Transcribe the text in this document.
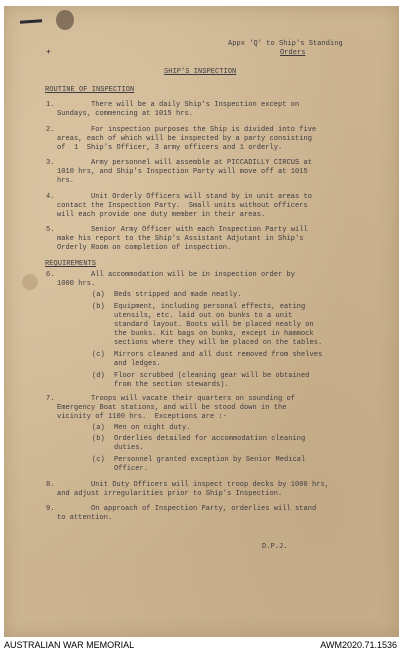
+
Appx 'Q' to Ship's Standing
Orders
SHIP'S INSPECTION
ROUTINE OF INSPECTION
1. There will be a daily Ship's Inspection except on
Sundays, commencing at 1015 hrs.
2. For inspection purposes the Ship is divided into five
areas, each of which will be inspected by a party consisting
of  1  Ship's Officer, 3 army officers and 1 orderly.
3. Army personnel will assemble at PICCADILLY CIRCUS at
1010 hrs, and Ship's Inspection Party will move off at 1015
hrs.
4. Unit Orderly Officers will stand by in unit areas to
contact the Inspection Party.  Small units without officers
will each provide one duty member in their areas.
5. Senior Army Officer with each Inspection Party will
make his report to the Ship's Assistant Adjutant in Ship's
Orderly Room on completion of inspection.
REQUIREMENTS
6. All accommodation will be in inspection order by
1000 hrs.
(a) Beds stripped and made neatly.
(b) Equipment, including personal effects, eating
utensils, etc. laid out on bunks to a unit
standard layout. Boots will be placed neatly on
the bunks. Kit bags on bunks, except in hammock
sections where they will be placed on the tables.
(c) Mirrors cleaned and all dust removed from shelves
and ledges.
(d) Floor scrubbed (cleaning gear will be obtained
from the section stewards).
7. Troops will vacate their quarters on sounding of
Emergency Boat stations, and will be stood down in the
vicinity of 1100 hrs.  Exceptions are :-
(a) Men on night duty.
(b) Orderlies detailed for accommodation cleaning
duties.
(c) Personnel granted exception by Senior Medical
Officer.
8. Unit Duty Officers will inspect troop decks by 1000 hrs,
and adjust irregularities prior to Ship's Inspection.
9. On approach of Inspection Party, orderlies will stand
to attention.
D.P.J.
AUSTRALIAN WAR MEMORIAL	AWM2020.71.1536
